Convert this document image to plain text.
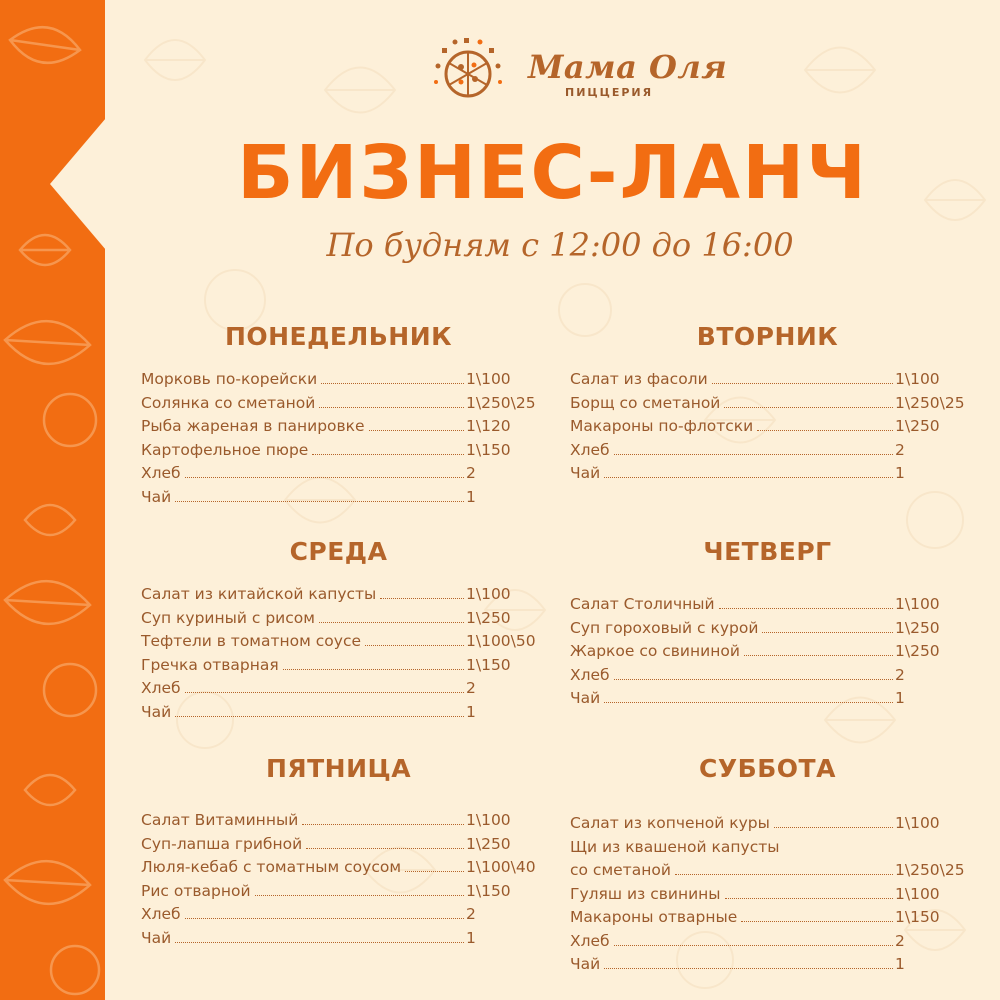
Мама Оля
ПИЦЦЕРИЯ
БИЗНЕС-ЛАНЧ
По будням с 12:00 до 16:00
ПОНЕДЕЛЬНИК
Морковь по-корейски	1\100
Солянка со сметаной	1\250\25
Рыба жареная в панировке	1\120
Картофельное пюре	1\150
Хлеб	2
Чай	1
ВТОРНИК
Салат из фасоли	1\100
Борщ со сметаной	1\250\25
Макароны по-флотски	1\250
Хлеб	2
Чай	1
СРЕДА
Салат из китайской капусты	1\100
Суп куриный с рисом	1\250
Тефтели в томатном соусе	1\100\50
Гречка отварная	1\150
Хлеб	2
Чай	1
ЧЕТВЕРГ
Салат Столичный	1\100
Суп гороховый с курой	1\250
Жаркое со свининой	1\250
Хлеб	2
Чай	1
ПЯТНИЦА
Салат Витаминный	1\100
Суп-лапша грибной	1\250
Люля-кебаб с томатным соусом	1\100\40
Рис отварной	1\150
Хлеб	2
Чай	1
СУББОТА
Салат из копченой куры	1\100
Щи из квашеной капусты
со сметаной	1\250\25
Гуляш из свинины	1\100
Макароны отварные	1\150
Хлеб	2
Чай	1
